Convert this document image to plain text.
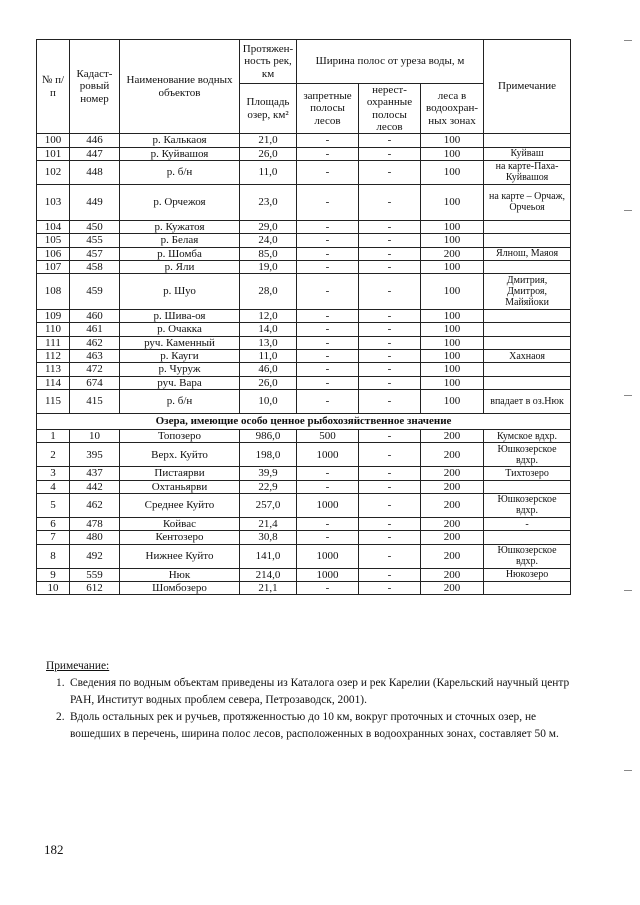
№ п/п	Кадаст-ровый номер	Наименование водных объектов	Протяжен-ность рек, км	Ширина полос от уреза воды, м			Примечание
			Площадь озер, км²	запретные полосы лесов	нерест-охранные полосы лесов	леса в водоохран-ных зонах	
100	446	р. Калькаоя	21,0	-	-	100	
101	447	р. Куйвашоя	26,0	-	-	100	Куйваш
102	448	р. б/н	11,0	-	-	100	на карте-Паха-Куйвашоя
103	449	р. Орчежоя	23,0	-	-	100	на карте – Орчаж, Орчеьоя
104	450	р. Кужатоя	29,0	-	-	100	
105	455	р. Белая	24,0	-	-	100	
106	457	р. Шомба	85,0	-	-	200	Ялнош, Маяоя
107	458	р. Яли	19,0	-	-	100	
108	459	р. Шуо	28,0	-	-	100	Дмитрия, Дмитроя, Майяйоки
109	460	р. Шива-оя	12,0	-	-	100	
110	461	р. Очакка	14,0	-	-	100	
111	462	руч. Каменный	13,0	-	-	100	
112	463	р. Кауги	11,0	-	-	100	Хахнаоя
113	472	р. Чуруж	46,0	-	-	100	
114	674	руч. Вара	26,0	-	-	100	
115	415	р. б/н	10,0	-	-	100	впадает в оз.Нюк
Озера, имеющие особо ценное рыбохозяйственное значение							
1	10	Топозеро	986,0	500	-	200	Кумское вдхр.
2	395	Верх. Куйто	198,0	1000	-	200	Юшкозерское вдхр.
3	437	Пистаярви	39,9	-	-	200	Тихтозеро
4	442	Охтаньярви	22,9	-	-	200	
5	462	Среднее Куйто	257,0	1000	-	200	Юшкозерское вдхр.
6	478	Койвас	21,4	-	-	200	-
7	480	Кентозеро	30,8	-	-	200	
8	492	Нижнее Куйто	141,0	1000	-	200	Юшкозерское вдхр.
9	559	Нюк	214,0	1000	-	200	Нюкозеро
10	612	Шомбозеро	21,1	-	-	200	
Примечание:
1. Сведения по водным объектам приведены из Каталога озер и рек Карелии (Карельский научный центр РАН, Институт водных проблем севера, Петрозаводск, 2001).
2. Вдоль остальных рек и ручьев, протяженностью до 10 км, вокруг проточных и сточных озер, не вошедших в перечень, ширина полос лесов, расположенных в водоохранных зонах, составляет 50 м.
182
